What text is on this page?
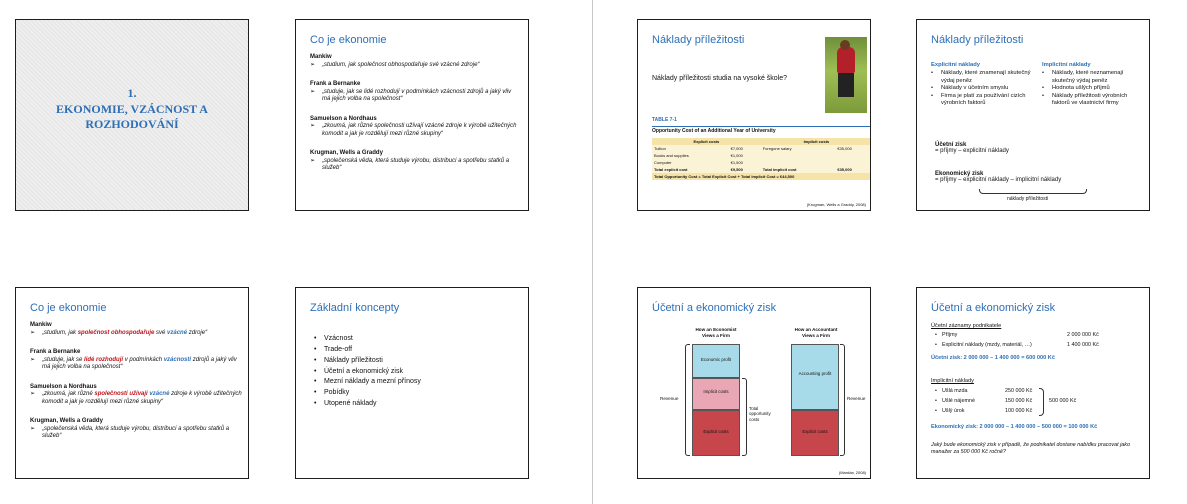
1.
EKONOMIE, VZÁCNOST A
ROZHODOVÁNÍ
Co je ekonomie

Mankiw

➢ „studium, jak společnost obhospodařuje své vzácné zdroje“

Frank a Bernanke

➢ „studuje, jak se lidé rozhodují v podmínkách vzácnosti zdrojů a jaký vliv má jejich volba na společnost“

Samuelson a Nordhaus

➢ „zkoumá, jak různé společnosti užívají vzácné zdroje k výrobě užitečných komodit a jak je rozdělují mezi různé skupiny“

Krugman, Wells a Graddy

➢ „společenská věda, která studuje výrobu, distribuci a spotřebu statků a služeb“

Náklady příležitosti
Náklady příležitosti studia na vysoké škole?
TABLE 7-1
Opportunity Cost of an Additional Year of University
Explicit costs		Implicit costs	
Tuition	€7,000	Foregone salary	€35,000
Books and supplies	€1,000		
Computer	€1,500		
Total explicit cost	€9,500	Total implicit cost	€35,000
Total Opportunity Cost = Total Explicit Cost + Total Implicit Cost = €44,500			
(Krugman, Wells a Graddy, 2008)
Náklady příležitosti
Explicitní náklady
• Náklady, které znamenají skutečný výdaj peněz
• Náklady v účetním smyslu
• Firma je platí za používání cizích výrobních faktorů
Implicitní náklady
• Náklady, které neznamenají skutečný výdaj peněz
• Hodnota ušlých příjmů
• Náklady příležitosti výrobních faktorů ve vlastnictví firmy
Účetní zisk
= příjmy – explicitní náklady
Ekonomický zisk
= příjmy – explicitní náklady – implicitní náklady
náklady příležitosti
Co je ekonomie

Mankiw

➢ „studium, jak společnost obhospodařuje své vzácné zdroje“

Frank a Bernanke

➢ „studuje, jak se lidé rozhodují v podmínkách vzácnosti zdrojů a jaký vliv má jejich volba na společnost“

Samuelson a Nordhaus

➢ „zkoumá, jak různé společnosti užívají vzácné zdroje k výrobě užitečných komodit a jak je rozdělují mezi různé skupiny“

Krugman, Wells a Graddy

➢ „společenská věda, která studuje výrobu, distribuci a spotřebu statků a služeb“

Základní koncepty
• Vzácnost
• Trade-off
• Náklady příležitosti
• Účetní a ekonomický zisk
• Mezní náklady a mezní přínosy
• Pobídky
• Utopené náklady
Účetní a ekonomický zisk
How an Economist
Views a Firm
How an Accountant
Views a Firm
Revenue
Economic profit
Implicit costs
Explicit costs
Total opportunity costs
Accounting profit
Explicit costs
Revenue
(Mankiw, 2008)
Účetní a ekonomický zisk
Účetní záznamy podnikatele
Příjmy	2 000 000 Kč
Explicitní náklady (mzdy, materiál, …)	1 400 000 Kč
•
•
Účetní zisk: 2 000 000 – 1 400 000 = 600 000 Kč
Implicitní náklady
• Ušlá mzda	250 000 Kč
• Ušlé nájemné	150 000 Kč
• Ušlý úrok	100 000 Kč
500 000 Kč
Ekonomický zisk: 2 000 000 – 1 400 000 – 500 000 = 100 000 Kč
Jaký bude ekonomický zisk v případě, že podnikatel dostane nabídku pracovat jako manažer za 500 000 Kč ročně?
